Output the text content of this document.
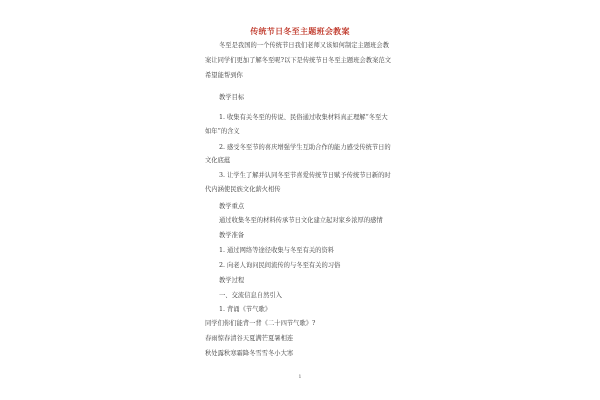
传统节日冬至主题班会教案
冬至是我国的一个传统节日我们老师又该如何制定主题班会教
案让同学们更加了解冬至呢?以下是传统节日冬至主题班会教案范文
希望能帮到你
教学目标
1. 收集有关冬至的传说、民俗通过收集材料真正理解“冬至大
如年”的含义
2. 感受冬至节的喜庆增强学生互助合作的能力感受传统节日的
文化底蕴
3. 让学生了解并认同冬至节喜爱传统节日赋予传统节日新的时
代内涵使民族文化薪火相传
教学重点
通过收集冬至的材料传承节日文化建立起对家乡浓厚的感情
教学准备
1. 通过网络等途径收集与冬至有关的资料
2. 向老人询问民间流传的与冬至有关的习俗
教学过程
一、交流信息自然引入
1. 背诵《节气歌》
同学们你们能背一背《二十四节气歌》?
春雨惊春清谷天夏满芒夏暑相连
秋处露秋寒霜降冬雪雪冬小大寒
1
